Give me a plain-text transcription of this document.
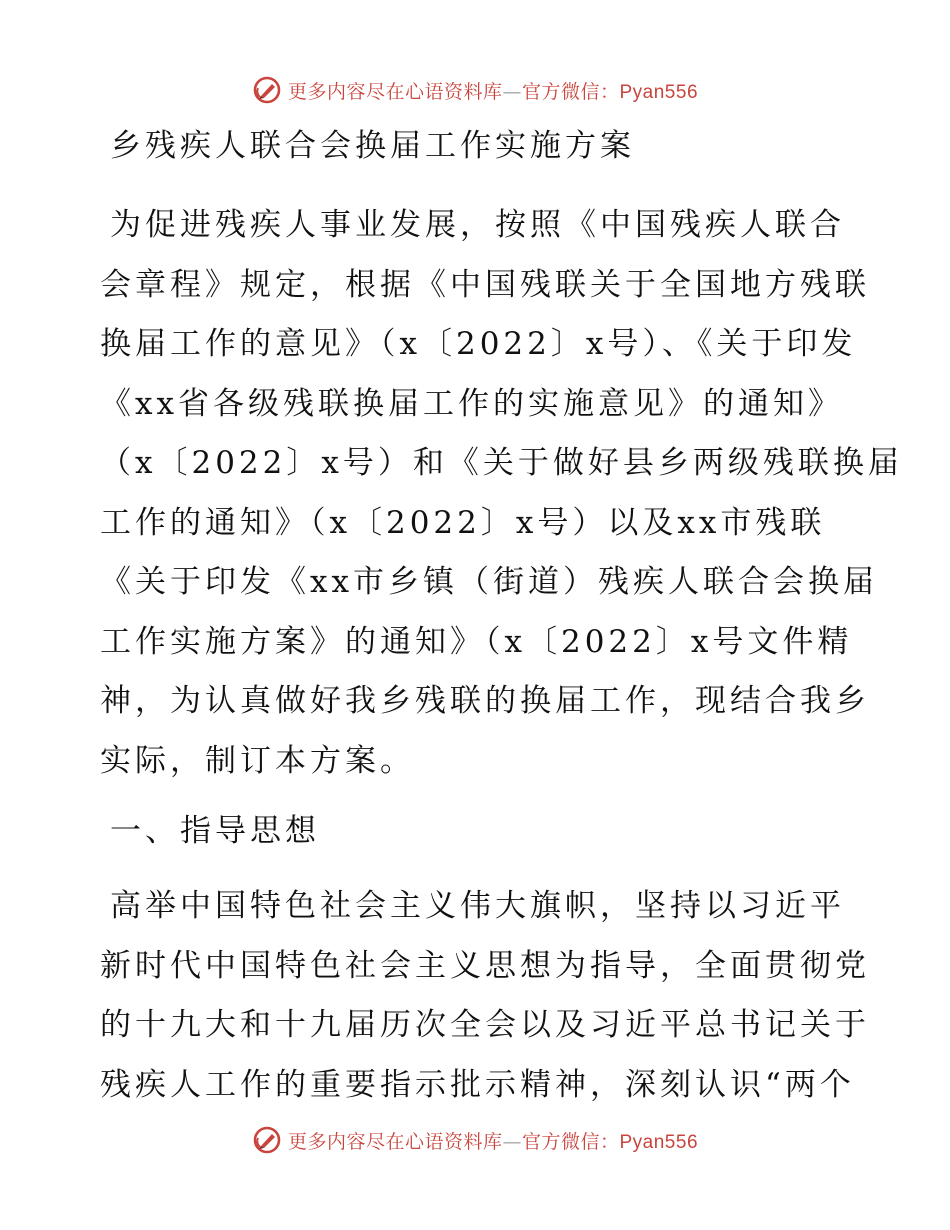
更多内容尽在心语资料库—官方微信：Pyan556
乡残疾人联合会换届工作实施方案

为促进残疾人事业发展，按照《中国残疾人联合
会章程》规定，根据《中国残联关于全国地方残联
换届工作的意见》（x〔2022〕x号）、《关于印发
《xx省各级残联换届工作的实施意见》的通知》
（x〔2022〕x号）和《关于做好县乡两级残联换届
工作的通知》（x〔2022〕x号）以及xx市残联
《关于印发《xx市乡镇（街道）残疾人联合会换届
工作实施方案》的通知》（x〔2022〕x号文件精
神，为认真做好我乡残联的换届工作，现结合我乡
实际，制订本方案。

一、指导思想

高举中国特色社会主义伟大旗帜，坚持以习近平
新时代中国特色社会主义思想为指导，全面贯彻党
的十九大和十九届历次全会以及习近平总书记关于
残疾人工作的重要指示批示精神，深刻认识“两个

更多内容尽在心语资料库—官方微信：Pyan556
